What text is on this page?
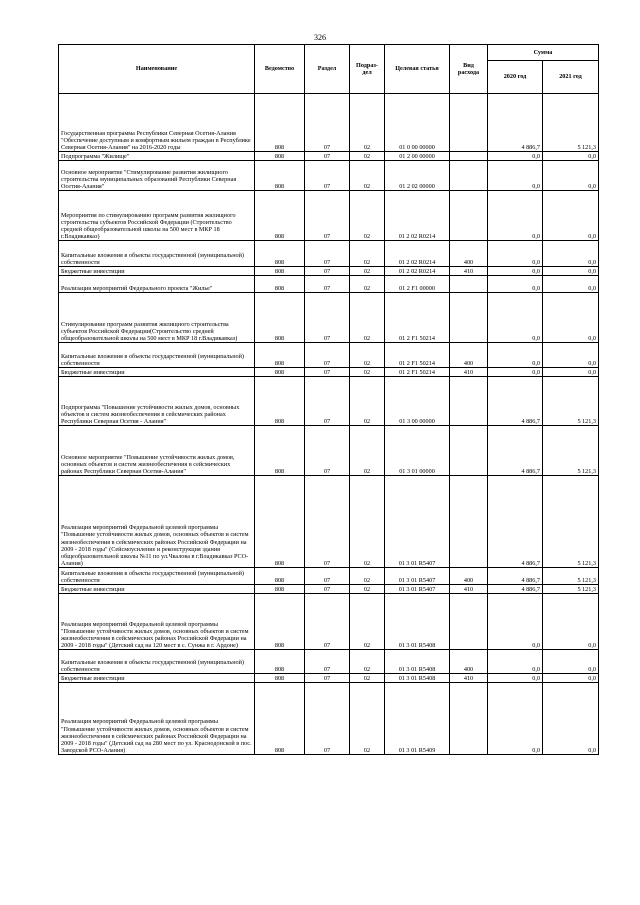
326
Наименование	Ведомство	Раздел	Подраз-дел	Целевая статья	Вид расхода	Сумма	
						2020 год	2021 год
Государственная программа Республики Северная Осетия-Алания "Обеспечение доступным и комфортным жильем граждан в Республике Северная Осетия-Алания" на 2016-2020 годы	808	07	02	01 0 00 00000		4 886,7	5 121,3
Подпрограмма "Жилище"	808	07	02	01 2 00 00000		0,0	0,0
Основное мероприятие "Стимулирование развития жилищного строительства муниципальных образований Республики Северная Осетия-Алания"	808	07	02	01 2 02 00000		0,0	0,0
Мероприятия по стимулированию программ развития жилищного строительства субъектов Российской Федерации (Строительство средней общеобразовательной школы на 500 мест в МКР 18 г.Владикавказ)	808	07	02	01 2 02 R0214		0,0	0,0
Капитальные вложения в объекты государственной (муниципальной) собственности	808	07	02	01 2 02 R0214	400	0,0	0,0
Бюджетные инвестиции	808	07	02	01 2 02 R0214	410	0,0	0,0
Реализация мероприятий Федерального проекта "Жилье"	808	07	02	01 2 F1 00000		0,0	0,0
Стимулирование программ развития жилищного строительства субъектов Российской Федерации(Строительство средней общеобразовательной школы на 500 мест в МКР 18 г.Владикавказ)	808	07	02	01 2 F1 50214		0,0	0,0
Капитальные вложения в объекты государственной (муниципальной) собственности	808	07	02	01 2 F1 50214	400	0,0	0,0
Бюджетные инвестиции	808	07	02	01 2 F1 50214	410	0,0	0,0
Подпрограмма "Повышение устойчивости жилых домов, основных объектов и систем жизнеобеспечения в сейсмических районах Республики Северная Осетия - Алания"	808	07	02	01 3 00 00000		4 886,7	5 121,3
Основное мероприятие "Повышение устойчивости жилых домов, основных объектов и систем жизнеобеспечения в сейсмических районах Республики Северная Осетия-Алания"	808	07	02	01 3 01 00000		4 886,7	5 121,3
Реализация мероприятий Федеральной целевой программы "Повышение устойчивости жилых домов, основных объектов и систем жизнеобеспечения в сейсмических районах Российской Федерации на 2009 - 2018 годы" (Сейсмоусиление и реконструкция здания общеобразовательной школы №11 по ул.Чкалова в г.Владикавказ РСО-Алания)	808	07	02	01 3 01 R5407		4 886,7	5 121,3
Капитальные вложения в объекты государственной (муниципальной) собственности	808	07	02	01 3 01 R5407	400	4 886,7	5 121,3
Бюджетные инвестиции	808	07	02	01 3 01 R5407	410	4 886,7	5 121,3
Реализация мероприятий Федеральной целевой программы "Повышение устойчивости жилых домов, основных объектов и систем жизнеобеспечения в сейсмических районах Российской Федерации на 2009 - 2018 годы" (Детский сад на 120 мест в с. Сунжа в г. Ардоне)	808	07	02	01 3 01 R5408		0,0	0,0
Капитальные вложения в объекты государственной (муниципальной) собственности	808	07	02	01 3 01 R5408	400	0,0	0,0
Бюджетные инвестиции	808	07	02	01 3 01 R5408	410	0,0	0,0
Реализация мероприятий Федеральной целевой программы "Повышение устойчивости жилых домов, основных объектов и систем жизнеобеспечения в сейсмических районах Российской Федерации на 2009 - 2018 годы" (Детский сад на 280 мест по ул. Краснодонской в пос. Заводской РСО-Алания)	808	07	02	01 3 01 R5409		0,0	0,0
